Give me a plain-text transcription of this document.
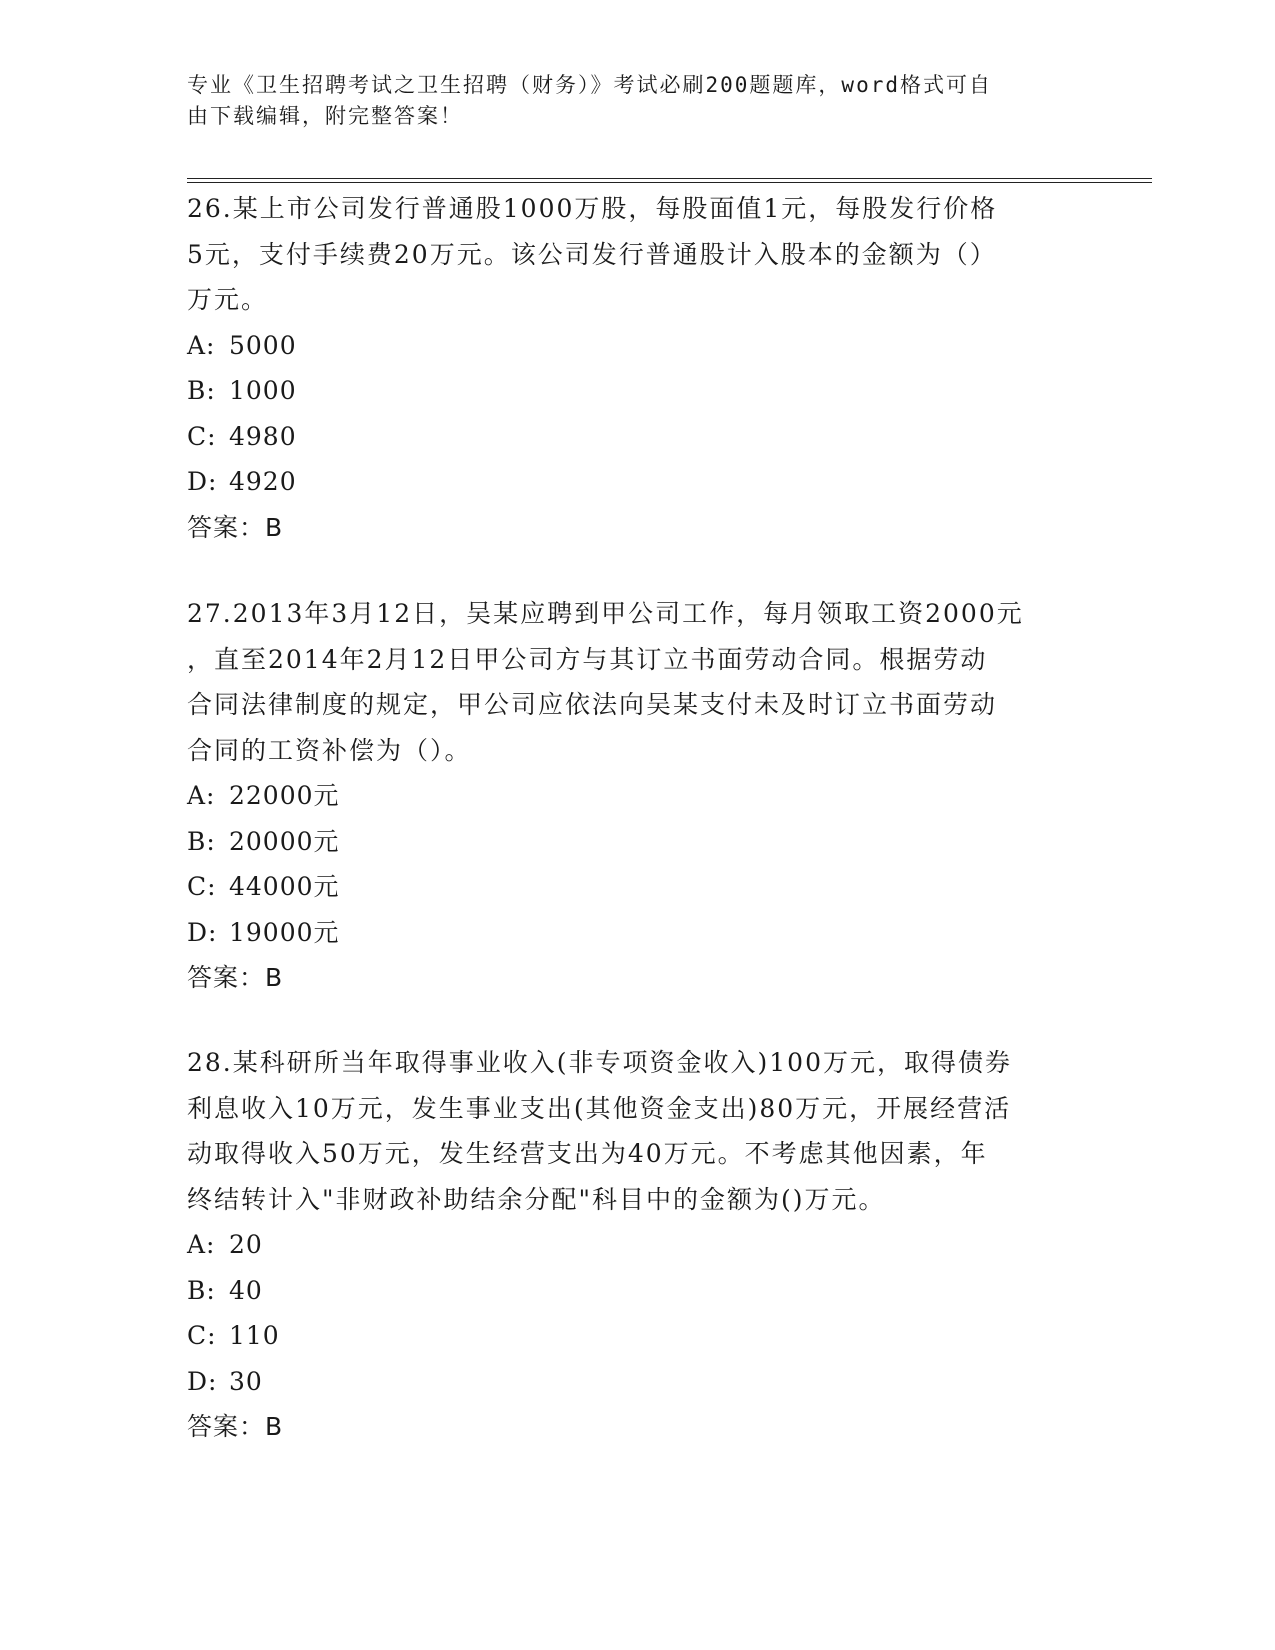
专业《卫生招聘考试之卫生招聘（财务）》考试必刷200题题库，word格式可自
由下载编辑，附完整答案！
26.某上市公司发行普通股1000万股，每股面值1元，每股发行价格
5元，支付手续费20万元。该公司发行普通股计入股本的金额为（）
万元。
A: 5000
B: 1000
C: 4980
D: 4920
答案：B
27.2013年3月12日，吴某应聘到甲公司工作，每月领取工资2000元
，直至2014年2月12日甲公司方与其订立书面劳动合同。根据劳动
合同法律制度的规定，甲公司应依法向吴某支付未及时订立书面劳动
合同的工资补偿为（）。
A: 22000元
B: 20000元
C: 44000元
D: 19000元
答案：B
28.某科研所当年取得事业收入(非专项资金收入)100万元，取得债券
利息收入10万元，发生事业支出(其他资金支出)80万元，开展经营活
动取得收入50万元，发生经营支出为40万元。不考虑其他因素，年
终结转计入"非财政补助结余分配"科目中的金额为()万元。
A: 20
B: 40
C: 110
D: 30
答案：B
